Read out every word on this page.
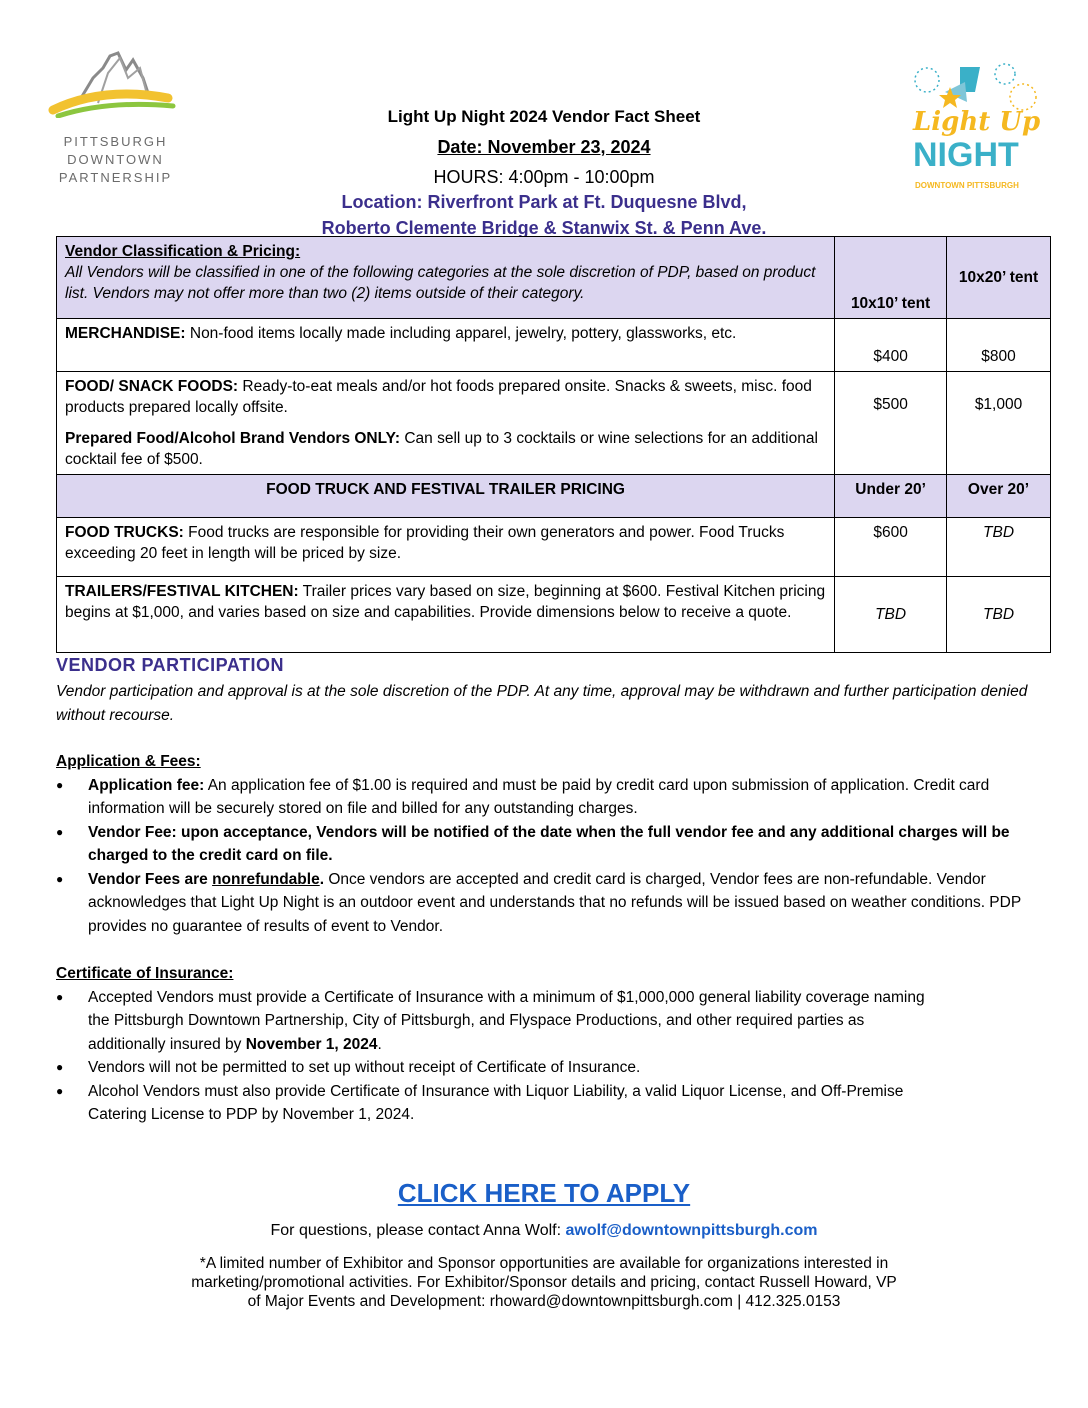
PITTSBURGH
DOWNTOWN
PARTNERSHIP
Light Up
NIGHT
DOWNTOWN PITTSBURGH
Light Up Night 2024 Vendor Fact Sheet
Date: November 23, 2024
HOURS: 4:00pm - 10:00pm
Location: Riverfront Park at Ft. Duquesne Blvd,
Roberto Clemente Bridge & Stanwix St. & Penn Ave.
Vendor Classification & Pricing:
All Vendors will be classified in one of the following categories at the sole discretion of PDP, based on product list. Vendors may not offer more than two (2) items outside of their category.	10x10’ tent	10x20’ tent
MERCHANDISE: Non-food items locally made including apparel, jewelry, pottery, glassworks, etc.	$400	$800

FOOD/ SNACK FOODS: Ready-to-eat meals and/or hot foods prepared onsite. Snacks & sweets, misc. food products prepared locally offsite.
Prepared Food/Alcohol Brand Vendors ONLY: Can sell up to 3 cocktails or wine selections for an additional cocktail fee of $500.	$500	$1,000
FOOD TRUCK AND FESTIVAL TRAILER PRICING	Under 20’	Over 20’
FOOD TRUCKS: Food trucks are responsible for providing their own generators and power. Food Trucks exceeding 20 feet in length will be priced by size.	$600	TBD
TRAILERS/FESTIVAL KITCHEN: Trailer prices vary based on size, beginning at $600. Festival Kitchen pricing begins at $1,000, and varies based on size and capabilities. Provide dimensions below to receive a quote.	TBD	TBD
VENDOR PARTICIPATION
Vendor participation and approval is at the sole discretion of the PDP. At any time, approval may be withdrawn and further participation denied without recourse.
Application & Fees:
● Application fee: An application fee of $1.00 is required and must be paid by credit card upon submission of application. Credit card information will be securely stored on file and billed for any outstanding charges.
● Vendor Fee: upon acceptance, Vendors will be notified of the date when the full vendor fee and any additional charges will be charged to the credit card on file.
● Vendor Fees are nonrefundable. Once vendors are accepted and credit card is charged, Vendor fees are non-refundable. Vendor acknowledges that Light Up Night is an outdoor event and understands that no refunds will be issued based on weather conditions. PDP provides no guarantee of results of event to Vendor.
Certificate of Insurance:
● Accepted Vendors must provide a Certificate of Insurance with a minimum of $1,000,000 general liability coverage naming the Pittsburgh Downtown Partnership, City of Pittsburgh, and Flyspace Productions, and other required parties as additionally insured by November 1, 2024.
● Vendors will not be permitted to set up without receipt of Certificate of Insurance.
● Alcohol Vendors must also provide Certificate of Insurance with Liquor Liability, a valid Liquor License, and Off-Premise Catering License to PDP by November 1, 2024.
CLICK HERE TO APPLY
For questions, please contact Anna Wolf: awolf@downtownpittsburgh.com
*A limited number of Exhibitor and Sponsor opportunities are available for organizations interested in
marketing/promotional activities. For Exhibitor/Sponsor details and pricing, contact Russell Howard, VP
of Major Events and Development: rhoward@downtownpittsburgh.com | 412.325.0153
